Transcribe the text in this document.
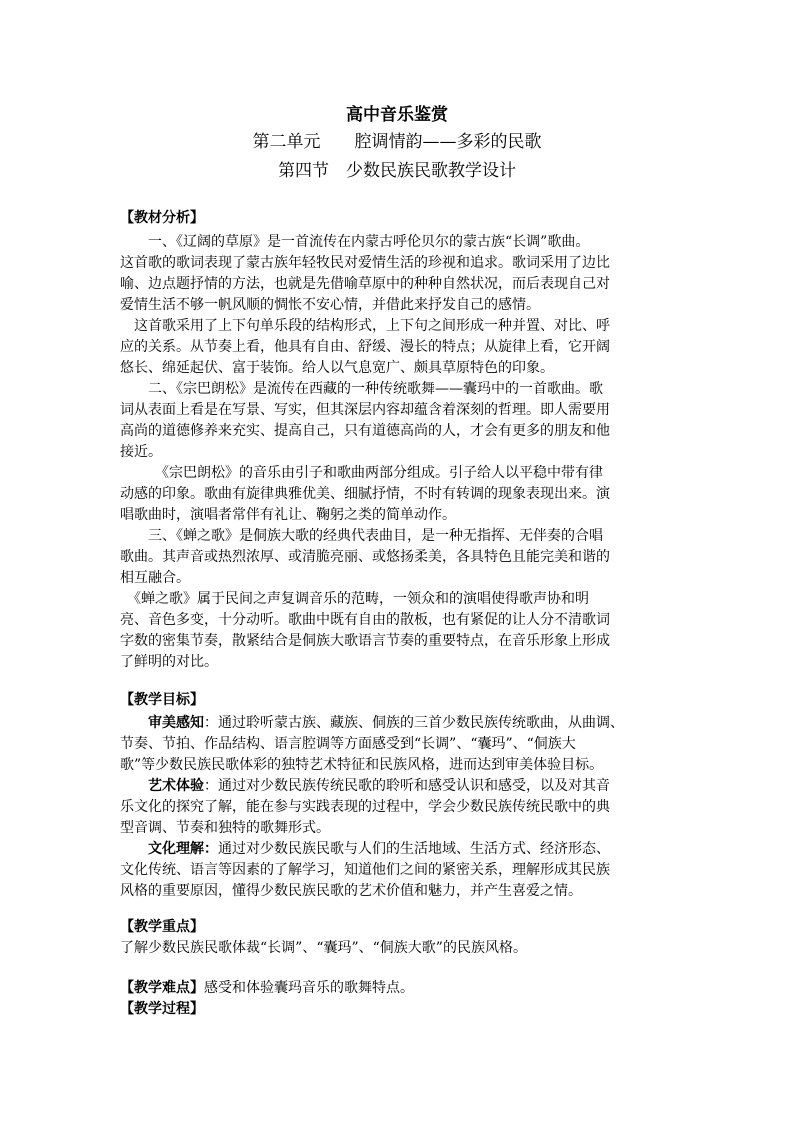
高中音乐鉴赏
第二单元　　腔调情韵——多彩的民歌
第四节　少数民族民歌教学设计
【教材分析】
　　一、《辽阔的草原》是一首流传在内蒙古呼伦贝尔的蒙古族“长调”歌曲。
这首歌的歌词表现了蒙古族年轻牧民对爱情生活的珍视和追求。歌词采用了边比
喻、边点题抒情的方法，也就是先借喻草原中的种种自然状况，而后表现自己对
爱情生活不够一帆风顺的惆怅不安心情，并借此来抒发自己的感情。
　这首歌采用了上下句单乐段的结构形式，上下句之间形成一种并置、对比、呼
应的关系。从节奏上看，他具有自由、舒缓、漫长的特点；从旋律上看，它开阔
悠长、绵延起伏、富于装饰。给人以气息宽广、颇具草原特色的印象。
　　二、《宗巴朗松》是流传在西藏的一种传统歌舞——囊玛中的一首歌曲。歌
词从表面上看是在写景、写实，但其深层内容却蕴含着深刻的哲理。即人需要用
高尚的道德修养来充实、提高自己，只有道德高尚的人，才会有更多的朋友和他
接近。
　　　《宗巴朗松》的音乐由引子和歌曲两部分组成。引子给人以平稳中带有律
动感的印象。歌曲有旋律典雅优美、细腻抒情，不时有转调的现象表现出来。演
唱歌曲时，演唱者常伴有礼让、鞠躬之类的简单动作。
　　三、《蝉之歌》是侗族大歌的经典代表曲目，是一种无指挥、无伴奏的合唱
歌曲。其声音或热烈浓厚、或清脆亮丽、或悠扬柔美，各具特色且能完美和谐的
相互融合。
　《蝉之歌》属于民间之声复调音乐的范畴，一领众和的演唱使得歌声协和明
亮、音色多变，十分动听。歌曲中既有自由的散板，也有紧促的让人分不清歌词
字数的密集节奏，散紧结合是侗族大歌语言节奏的重要特点，在音乐形象上形成
了鲜明的对比。
【教学目标】
　　审美感知：通过聆听蒙古族、藏族、侗族的三首少数民族传统歌曲，从曲调、
节奏、节拍、作品结构、语言腔调等方面感受到“长调”、“囊玛”、“侗族大
歌”等少数民族民歌体彩的独特艺术特征和民族风格，进而达到审美体验目标。
　　艺术体验：通过对少数民族传统民歌的聆听和感受认识和感受，以及对其音
乐文化的探究了解，能在参与实践表现的过程中，学会少数民族传统民歌中的典
型音调、节奏和独特的歌舞形式。
　　文化理解：通过对少数民族民歌与人们的生活地域、生活方式、经济形态、
文化传统、语言等因素的了解学习，知道他们之间的紧密关系，理解形成其民族
风格的重要原因，懂得少数民族民歌的艺术价值和魅力，并产生喜爱之情。
【教学重点】
了解少数民族民歌体裁“长调”、“囊玛”、“侗族大歌”的民族风格。
【教学难点】感受和体验囊玛音乐的歌舞特点。
【教学过程】
